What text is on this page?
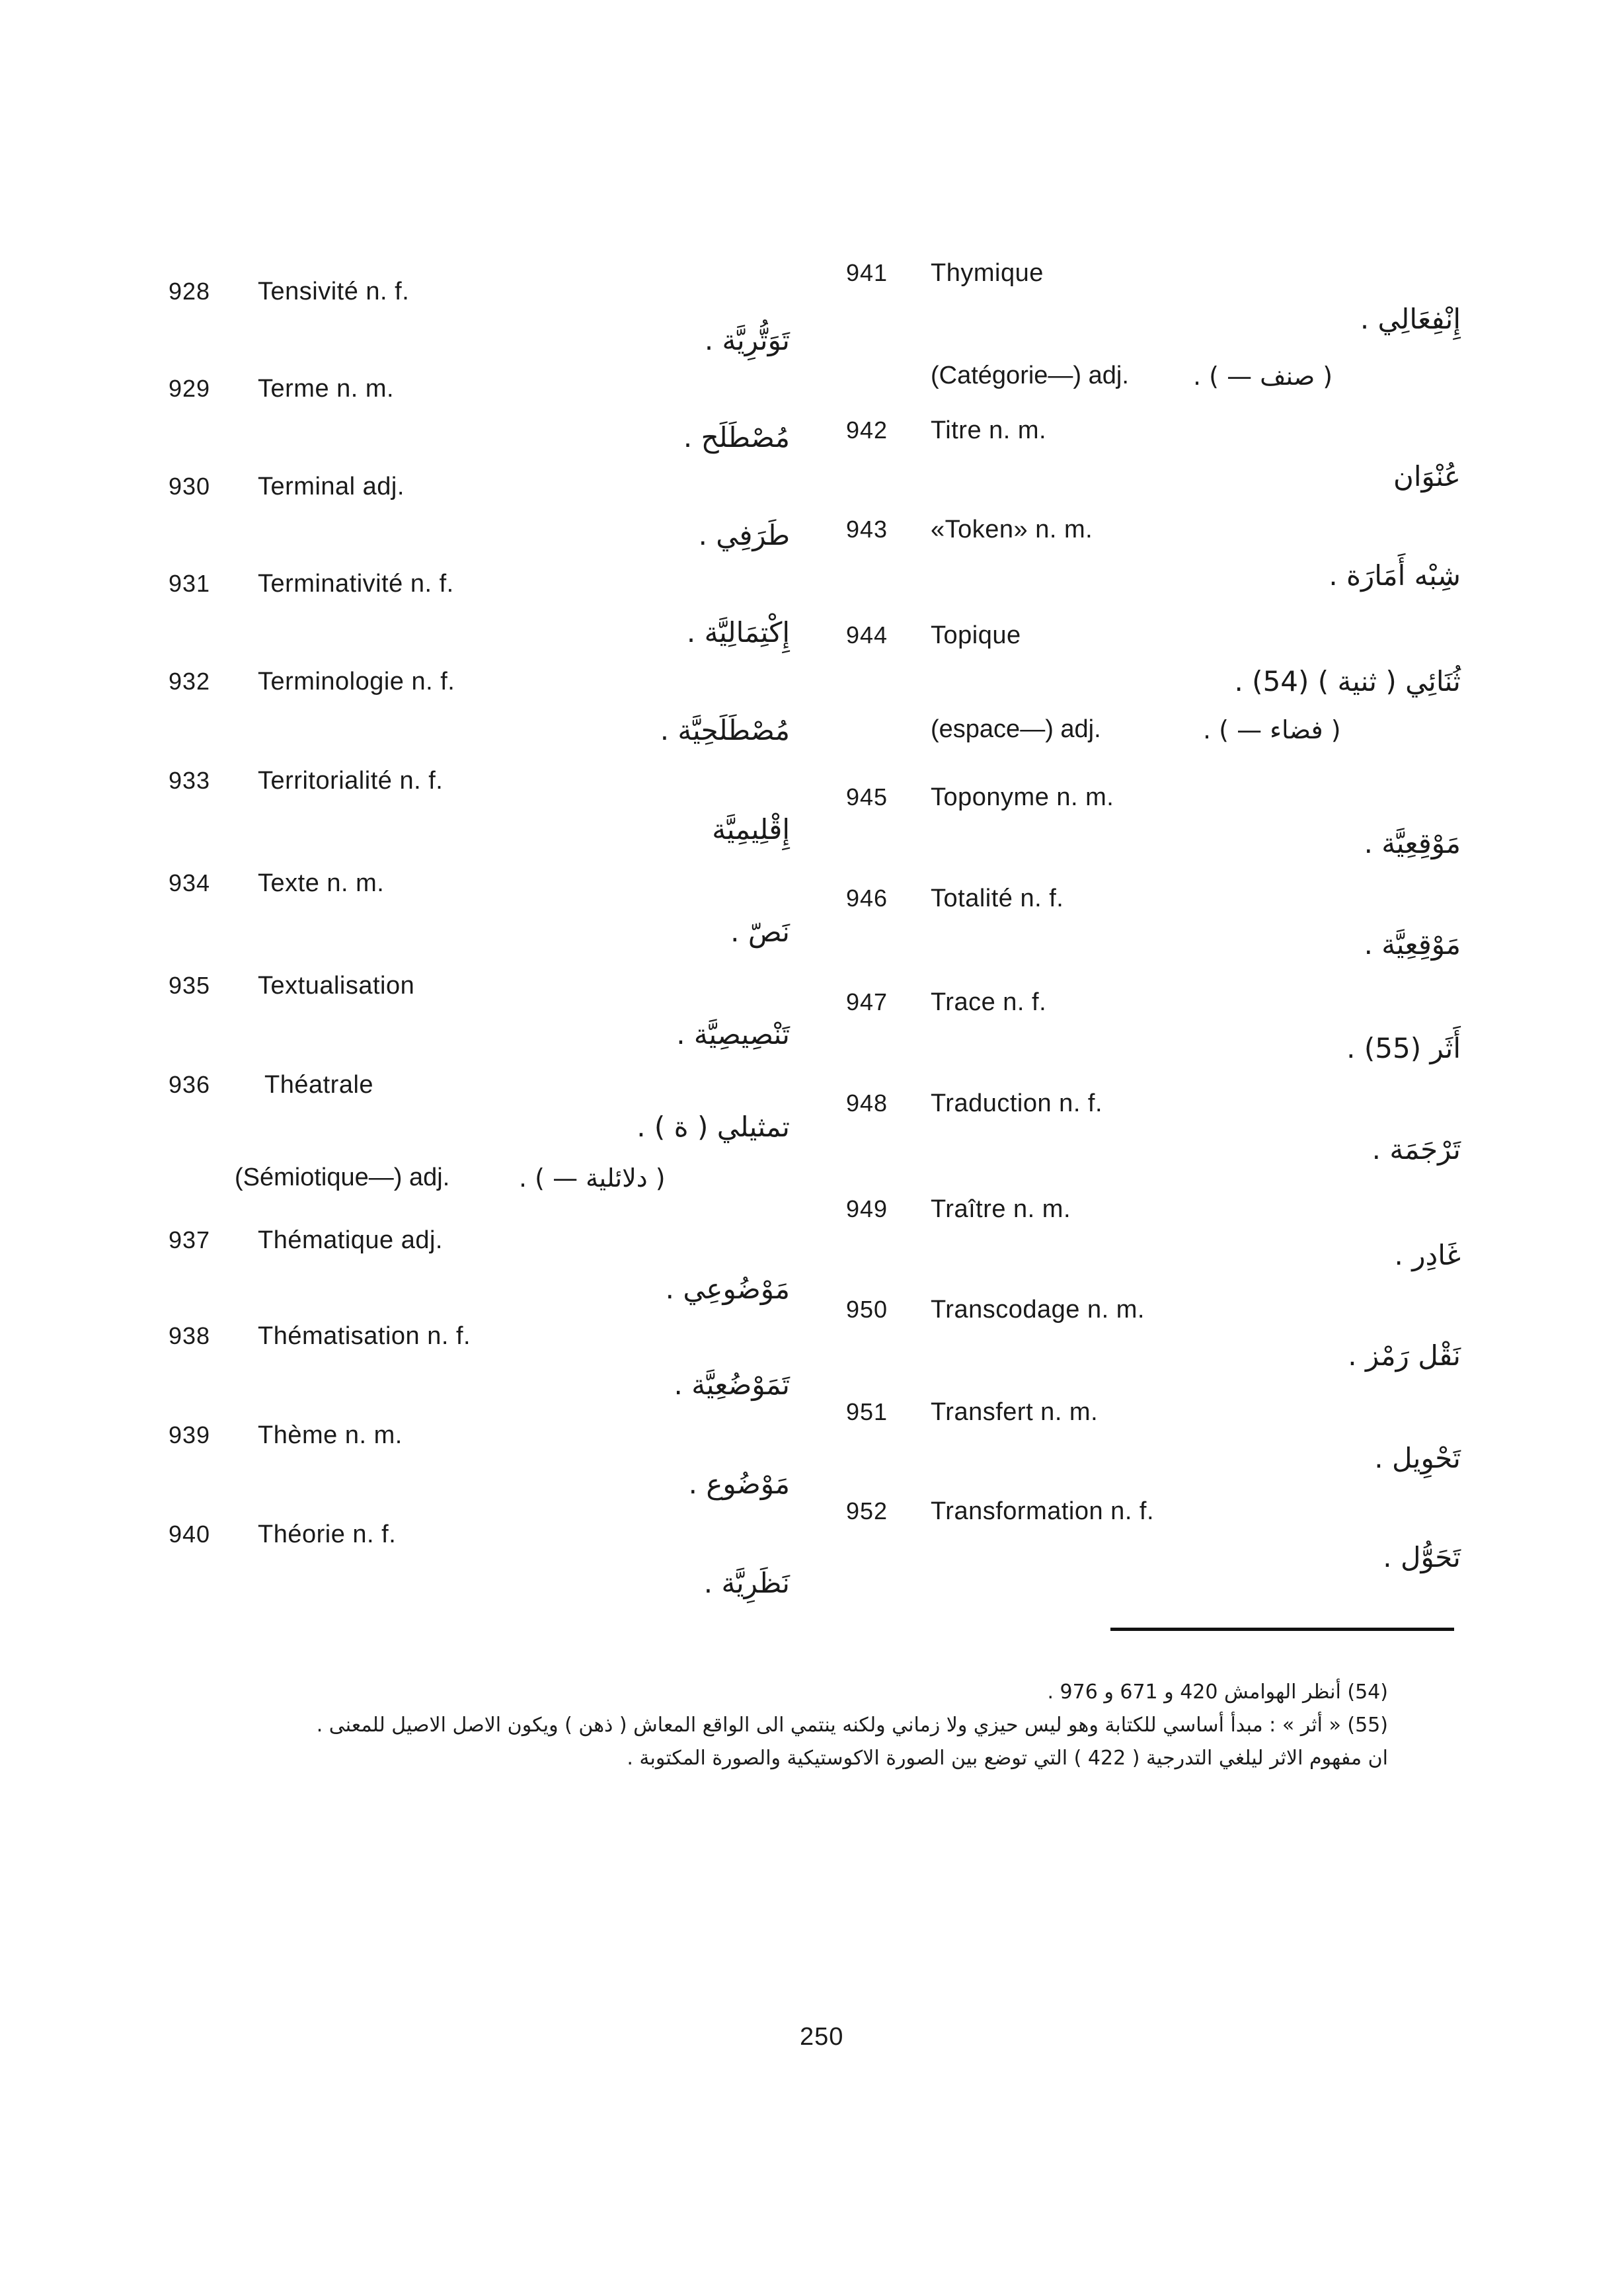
928 Tensivité n. f.
تَوَتُّرِيَّة .
929 Terme n. m.
مُصْطَلَح .
930 Terminal adj.
طَرَفِي .
931 Terminativité n. f.
إِكْتِمَالِيَّة .
932 Terminologie n. f.
مُصْطَلَحِيَّة .
933 Territorialité n. f.
إِقْلِيمِيَّة
934 Texte n. m.
نَصّ .
935 Textualisation
تَنْصِيصِيَّة .
936 Théatrale
تمثيلي ( ة ) .
(Sémiotique—) adj.	( دلائلية — ) .
937 Thématique adj.
مَوْضُوعِي .
938 Thématisation n. f.
تَمَوْضُعِيَّة .
939 Thème n. m.
مَوْضُوع .
940 Théorie n. f.
نَظَرِيَّة .
941 Thymique
إِنْفِعَالِي .
(Catégorie—) adj.	( صنف — ) .
942 Titre n. m.
عُنْوَان
943 «Token» n. m.
شِبْه أَمَارَة .
944 Topique
ثُنَائِي ( ثنية ) (54) .
(espace—) adj.	( فضاء — ) .
945 Toponyme n. m.
مَوْقِعِيَّة .
946 Totalité n. f.
مَوْقِعِيَّة .
947 Trace n. f.
أَثَر (55) .
948 Traduction n. f.
تَرْجَمَة .
949 Traître n. m.
غَادِر .
950 Transcodage n. m.
نَقْل رَمْز .
951 Transfert n. m.
تَحْوِيل .
952 Transformation n. f.
تَحَوُّل .
(54) أنظر الهوامش 420 و 671 و 976 .
(55) « أثر » : مبدأ أساسي للكتابة وهو ليس حيزي ولا زماني ولكنه ينتمي الى الواقع المعاش ( ذهن ) ويكون الاصل الاصيل للمعنى .
ان مفهوم الاثر ليلغي التدرجية ( 422 ) التي توضع بين الصورة الاكوستيكية والصورة المكتوبة .
250
